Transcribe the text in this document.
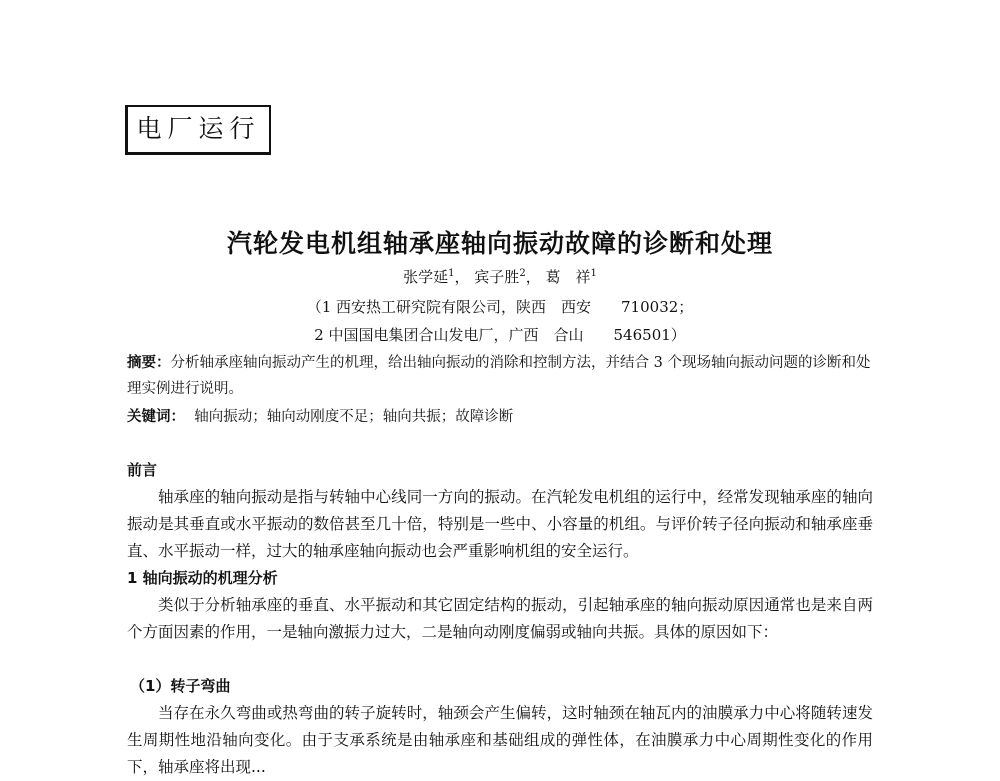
电厂运行
汽轮发电机组轴承座轴向振动故障的诊断和处理
张学延$^1$， 宾子胜$^2$， 葛　祥$^1$
（1 西安热工研究院有限公司，陕西　西安　　710032；
2 中国国电集团合山发电厂，广西　合山　　546501）
摘要：分析轴承座轴向振动产生的机理，给出轴向振动的消除和控制方法，并结合 3 个现场轴向振动问题的诊断和处理实例进行说明。
关键词： 轴向振动；轴向动刚度不足；轴向共振；故障诊断
前言
轴承座的轴向振动是指与转轴中心线同一方向的振动。在汽轮发电机组的运行中，经常发现轴承座的轴向振动是其垂直或水平振动的数倍甚至几十倍，特别是一些中、小容量的机组。与评价转子径向振动和轴承座垂直、水平振动一样，过大的轴承座轴向振动也会严重影响机组的安全运行。
1 轴向振动的机理分析
类似于分析轴承座的垂直、水平振动和其它固定结构的振动，引起轴承座的轴向振动原因通常也是来自两个方面因素的作用，一是轴向激振力过大，二是轴向动刚度偏弱或轴向共振。具体的原因如下：
（1）转子弯曲
当存在永久弯曲或热弯曲的转子旋转时，轴颈会产生偏转，这时轴颈在轴瓦内的油膜承力中心将随转速发生周期性地沿轴向变化。由于支承系统是由轴承座和基础组成的弹性体，在油膜承力中心周期性变化的作用下，轴承座将出现...
